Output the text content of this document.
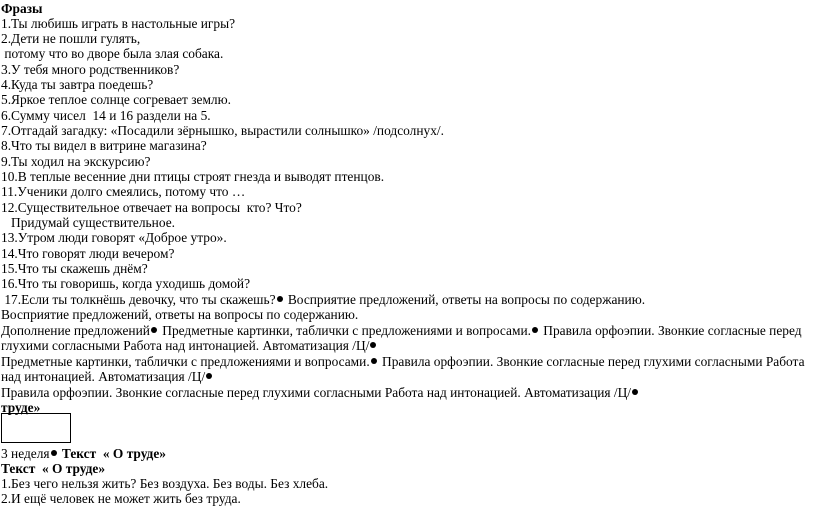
Фразы
1.Ты любишь играть в настольные игры?
2.Дети не пошли гулять,
потому что во дворе была злая собака.
3.У тебя много родственников?
4.Куда ты завтра поедешь?
5.Яркое теплое солнце согревает землю.
6.Сумму чисел  14 и 16 раздели на 5.
7.Отгадай загадку: «Посадили зёрнышко, вырастили солнышко» /подсолнух/.
8.Что ты видел в витрине магазина?
9.Ты ходил на экскурсию?
10.В теплые весенние дни птицы строят гнезда и выводят птенцов.
11.Ученики долго смеялись, потому что …
12.Существительное отвечает на вопросы  кто? Что?
Придумай существительное.
13.Утром люди говорят «Доброе утро».
14.Что говорят люди вечером?
15.Что ты скажешь днём?
16.Что ты говоришь, когда уходишь домой?
17.Если ты толкнёшь девочку, что ты скажешь? Восприятие предложений, ответы на вопросы по содержанию.
Восприятие предложений, ответы на вопросы по содержанию.
Дополнение предложений Предметные картинки, таблички с предложениями и вопросами. Правила орфоэпии. Звонкие согласные перед
глухими согласными Работа над интонацией. Автоматизация /Ц/
Предметные картинки, таблички с предложениями и вопросами. Правила орфоэпии. Звонкие согласные перед глухими согласными Работа
над интонацией. Автоматизация /Ц/
Правила орфоэпии. Звонкие согласные перед глухими согласными Работа над интонацией. Автоматизация /Ц/
труде»
3 неделя Текст  « О труде»
Текст  « О труде»
1.Без чего нельзя жить? Без воздуха. Без воды. Без хлеба.
2.И ещё человек не может жить без труда.
